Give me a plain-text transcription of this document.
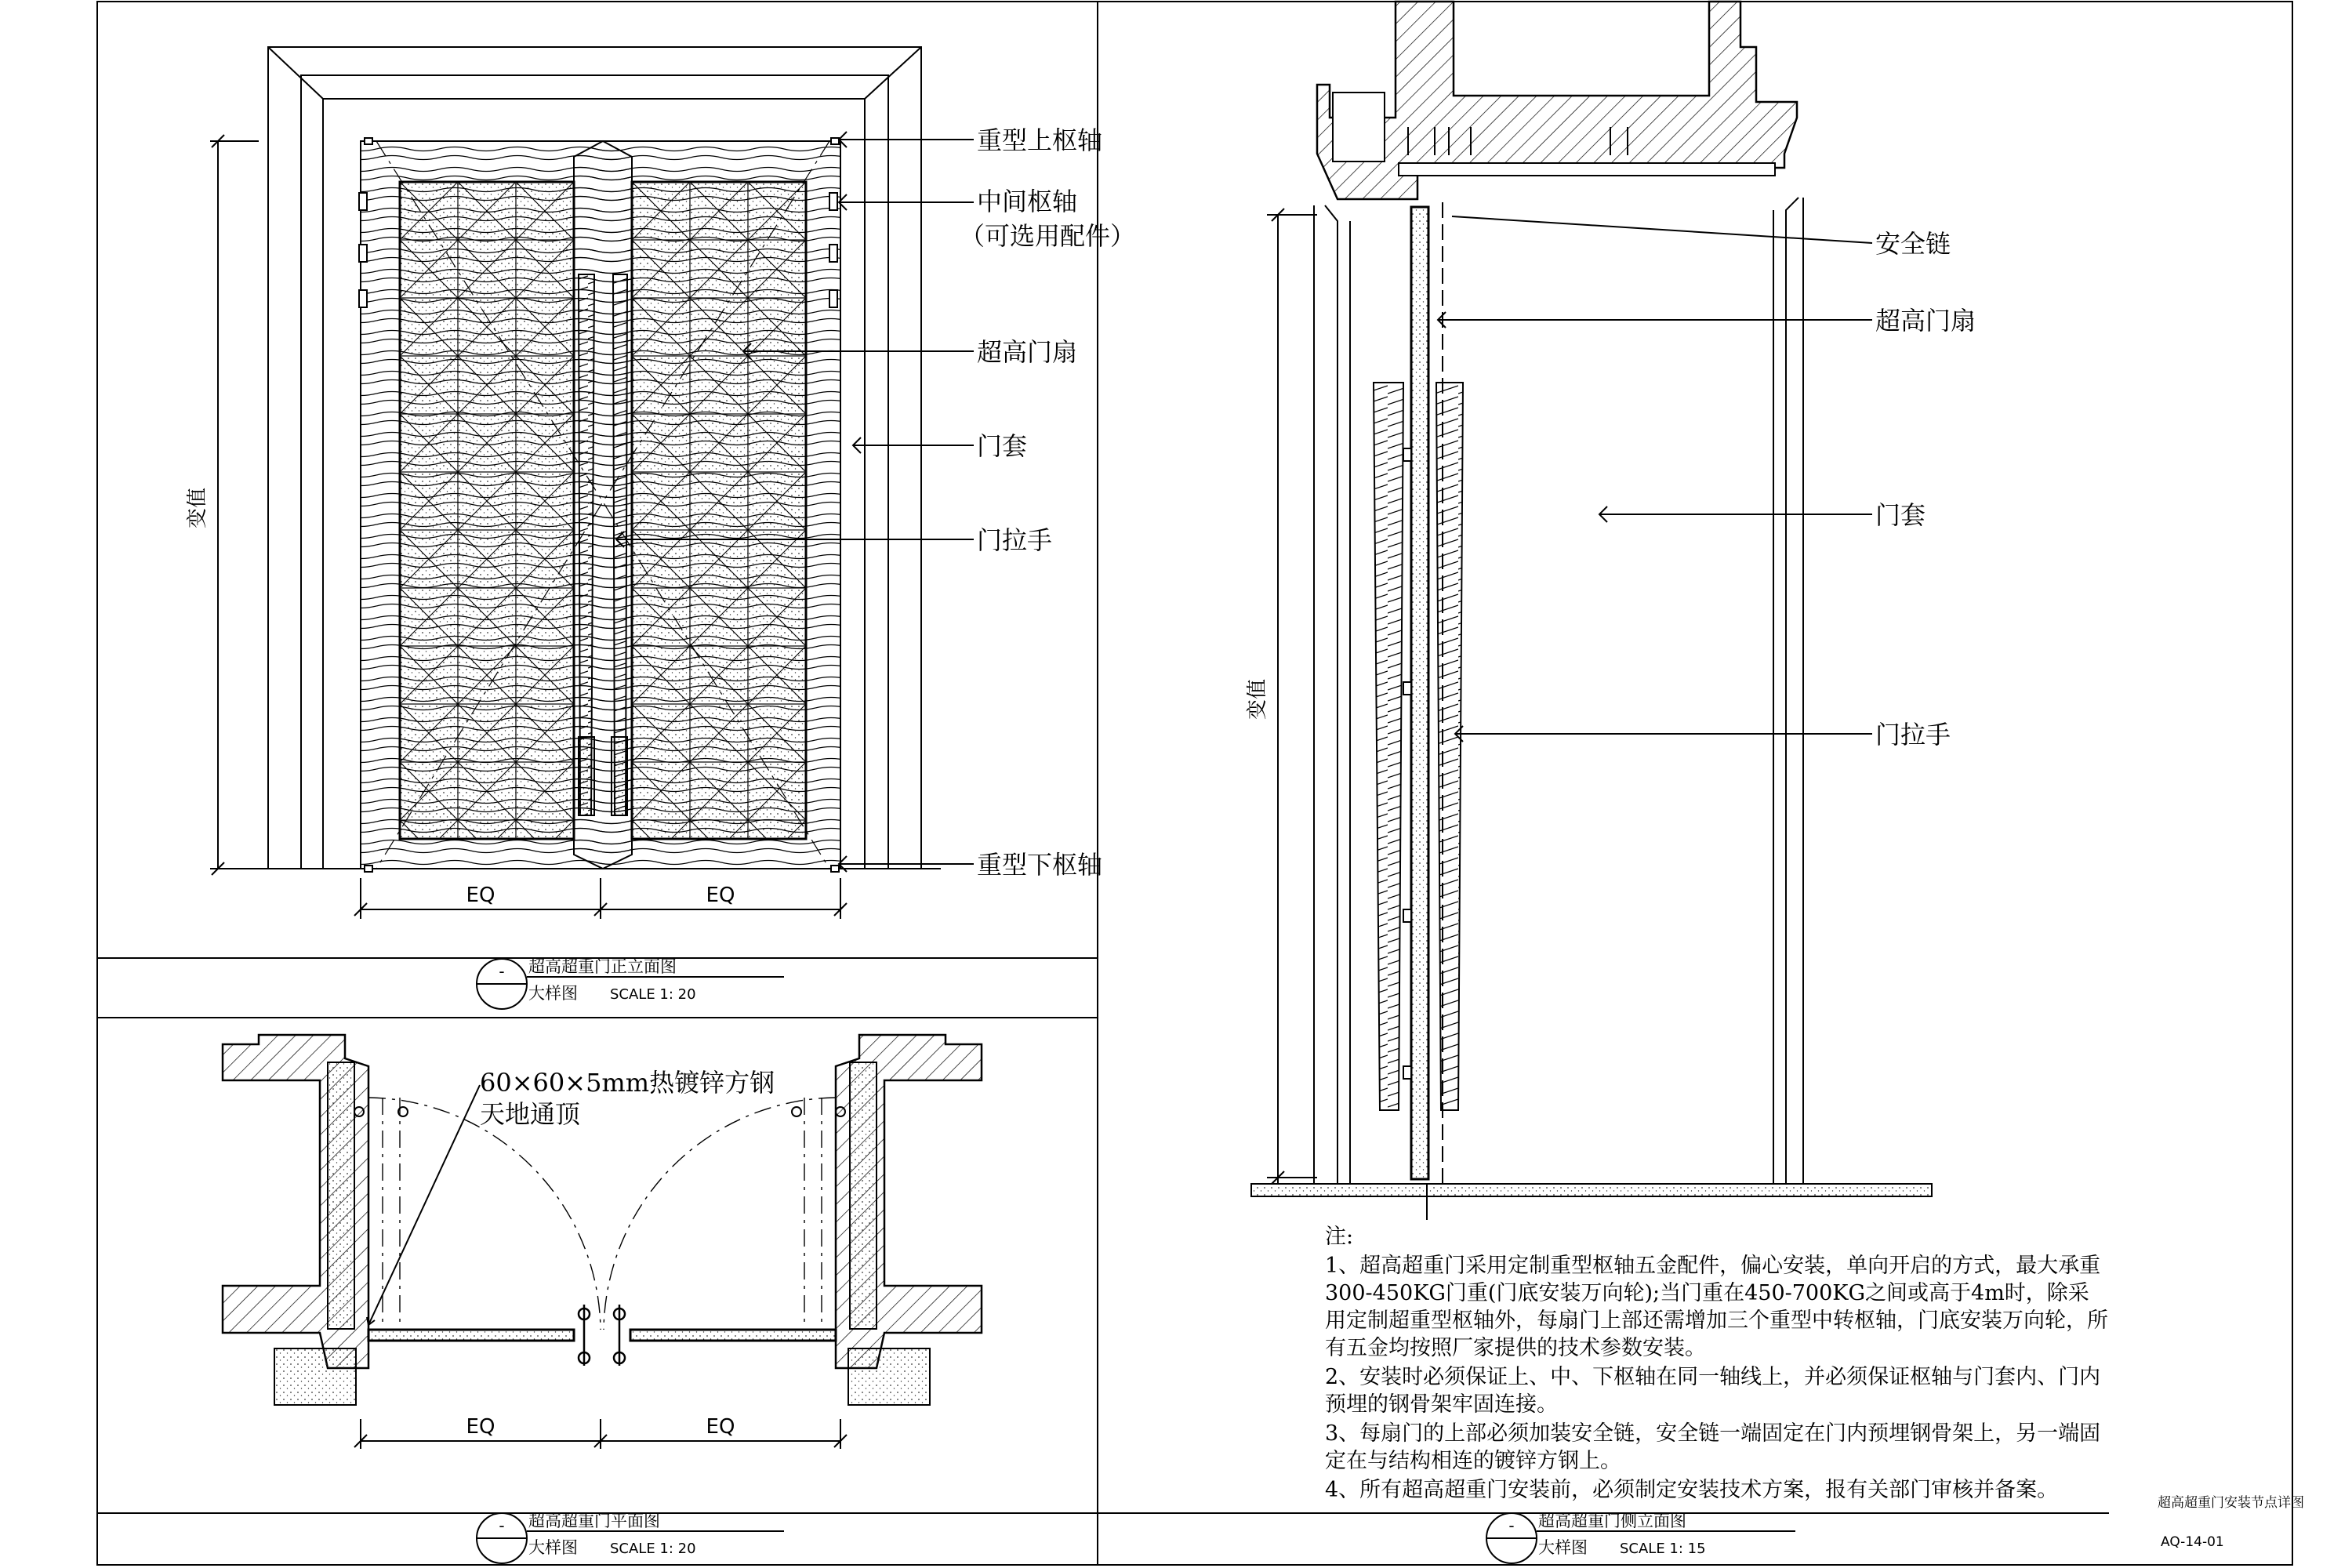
变值
EQ	EQ
重型上枢轴
中间枢轴
（可选用配件）
超高门扇
门套
门拉手
重型下枢轴
- 超高超重门正立面图
大样图 SCALE 1: 20
60×60×5mm热镀锌方钢
天地通顶
EQ	EQ
- 超高超重门平面图
大样图 SCALE 1: 20
变值
安全链
超高门扇
门套
门拉手
- 超高超重门侧立面图
大样图 SCALE 1: 15
超高超重门安装节点详图
AQ-14-01
注:
1、超高超重门采用定制重型枢轴五金配件，偏心安装，单向开启的方式，最大承重300-450KG门重(门底安装万向轮);当门重在450-700KG之间或高于4m时，除采用定制超重型枢轴外，每扇门上部还需增加三个重型中转枢轴，门底安装万向轮，所有五金均按照厂家提供的技术参数安装。
2、安装时必须保证上、中、下枢轴在同一轴线上，并必须保证枢轴与门套内、门内预埋的钢骨架牢固连接。
3、每扇门的上部必须加装安全链，安全链一端固定在门内预埋钢骨架上，另一端固定在与结构相连的镀锌方钢上。
4、所有超高超重门安装前，必须制定安装技术方案，报有关部门审核并备案。
